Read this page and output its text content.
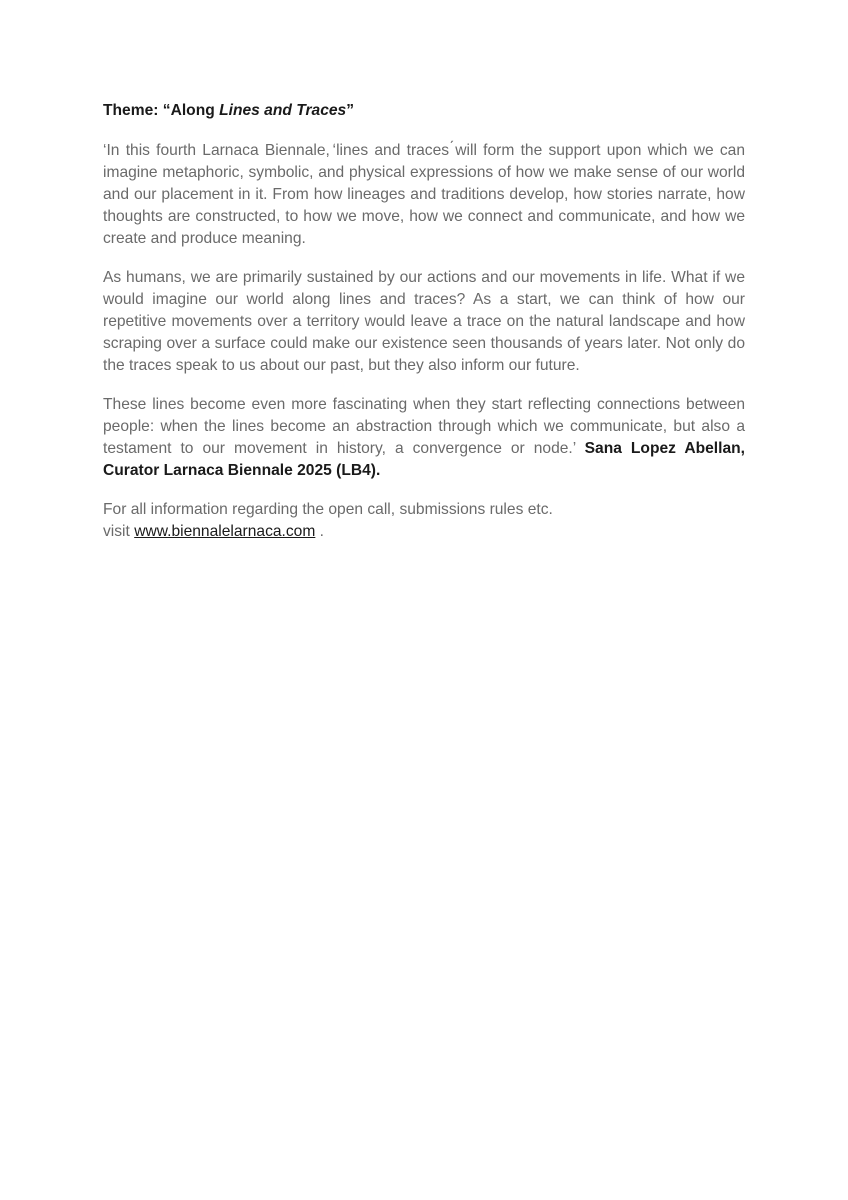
Theme: “Along Lines and Traces”

‘In this fourth Larnaca Biennale, ̒lines and traces ́will form the support upon which we can imagine metaphoric, symbolic, and physical expressions of how we make sense of our world and our placement in it. From how lineages and traditions develop, how stories narrate, how thoughts are constructed, to how we move, how we connect and communicate, and how we create and produce meaning.

As humans, we are primarily sustained by our actions and our movements in life. What if we would imagine our world along lines and traces? As a start, we can think of how our repetitive movements over a territory would leave a trace on the natural landscape and how scraping over a surface could make our existence seen thousands of years later. Not only do the traces speak to us about our past, but they also inform our future.

These lines become even more fascinating when they start reflecting connections between people: when the lines become an abstraction through which we communicate, but also a testament to our movement in history, a convergence or node.’ Sana Lopez Abellan, Curator Larnaca Biennale 2025 (LB4).

For all information regarding the open call, submissions rules etc.

visit www.biennalelarnaca.com .
